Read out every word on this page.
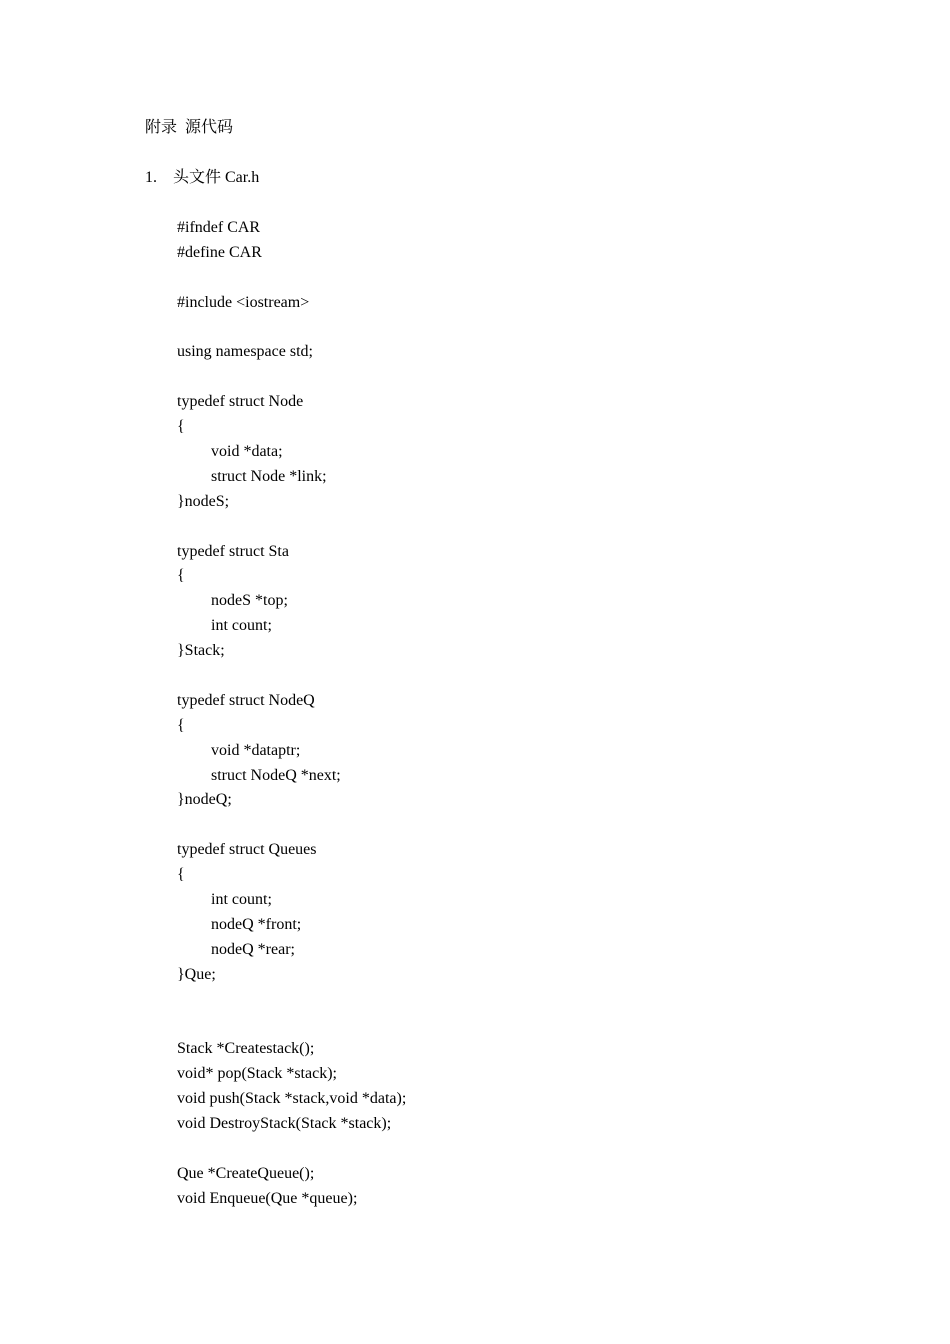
附录  源代码
1. 头文件 Car.h
#ifndef CAR
#define CAR
#include <iostream>
using namespace std;
typedef struct Node
{
void *data;
struct Node *link;
}nodeS;
typedef struct Sta
{
nodeS *top;
int count;
}Stack;
typedef struct NodeQ
{
void *dataptr;
struct NodeQ *next;
}nodeQ;
typedef struct Queues
{
int count;
nodeQ *front;
nodeQ *rear;
}Que;
Stack *Createstack();
void* pop(Stack *stack);
void push(Stack *stack,void *data);
void DestroyStack(Stack *stack);
Que *CreateQueue();
void Enqueue(Que *queue);
